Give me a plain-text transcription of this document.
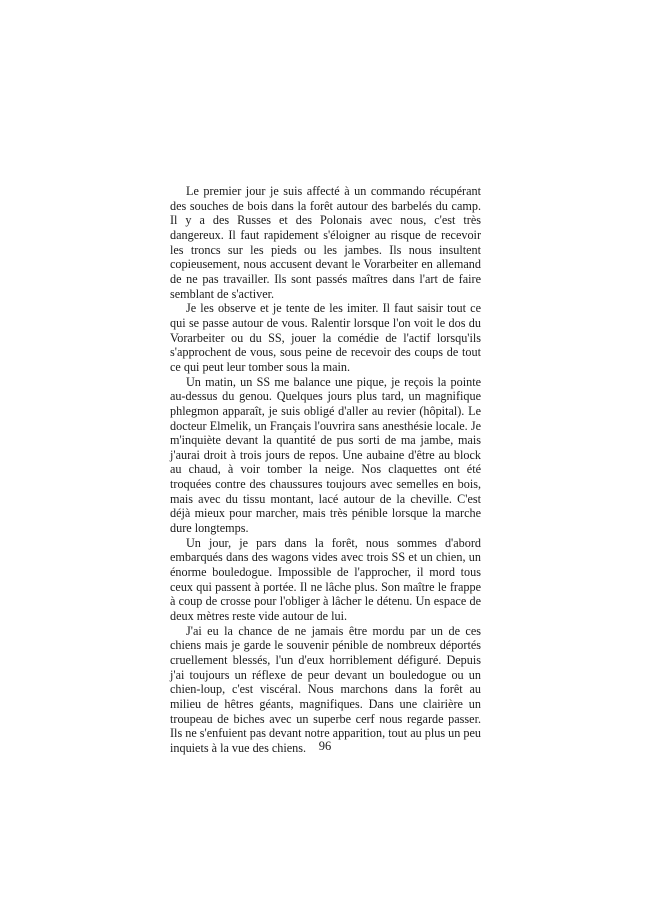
Le premier jour je suis affecté à un commando récupérant des souches de bois dans la forêt autour des barbelés du camp. Il y a des Russes et des Polonais avec nous, c'est très dangereux. Il faut rapidement s'éloigner au risque de recevoir les troncs sur les pieds ou les jambes. Ils nous insultent copieusement, nous accusent devant le Vorarbeiter en allemand de ne pas travailler. Ils sont passés maîtres dans l'art de faire semblant de s'activer.

Je les observe et je tente de les imiter. Il faut saisir tout ce qui se passe autour de vous. Ralentir lorsque l'on voit le dos du Vorarbeiter ou du SS, jouer la comédie de l'actif lorsqu'ils s'approchent de vous, sous peine de recevoir des coups de tout ce qui peut leur tomber sous la main.

Un matin, un SS me balance une pique, je reçois la pointe au-dessus du genou. Quelques jours plus tard, un magnifique phlegmon apparaît, je suis obligé d'aller au revier (hôpital). Le docteur Elmelik, un Français l'ouvrira sans anesthésie locale. Je m'inquiète devant la quantité de pus sorti de ma jambe, mais j'aurai droit à trois jours de repos. Une aubaine d'être au block au chaud, à voir tomber la neige. Nos claquettes ont été troquées contre des chaussures toujours avec semelles en bois, mais avec du tissu montant, lacé autour de la cheville. C'est déjà mieux pour marcher, mais très pénible lorsque la marche dure longtemps.

Un jour, je pars dans la forêt, nous sommes d'abord embarqués dans des wagons vides avec trois SS et un chien, un énorme bouledogue. Impossible de l'approcher, il mord tous ceux qui passent à portée. Il ne lâche plus. Son maître le frappe à coup de crosse pour l'obliger à lâcher le détenu. Un espace de deux mètres reste vide autour de lui.

J'ai eu la chance de ne jamais être mordu par un de ces chiens mais je garde le souvenir pénible de nombreux déportés cruellement blessés, l'un d'eux horriblement défiguré. Depuis j'ai toujours un réflexe de peur devant un bouledogue ou un chien-loup, c'est viscéral. Nous marchons dans la forêt au milieu de hêtres géants, magnifiques. Dans une clairière un troupeau de biches avec un superbe cerf nous regarde passer. Ils ne s'enfuient pas devant notre apparition, tout au plus un peu inquiets à la vue des chiens.	96
